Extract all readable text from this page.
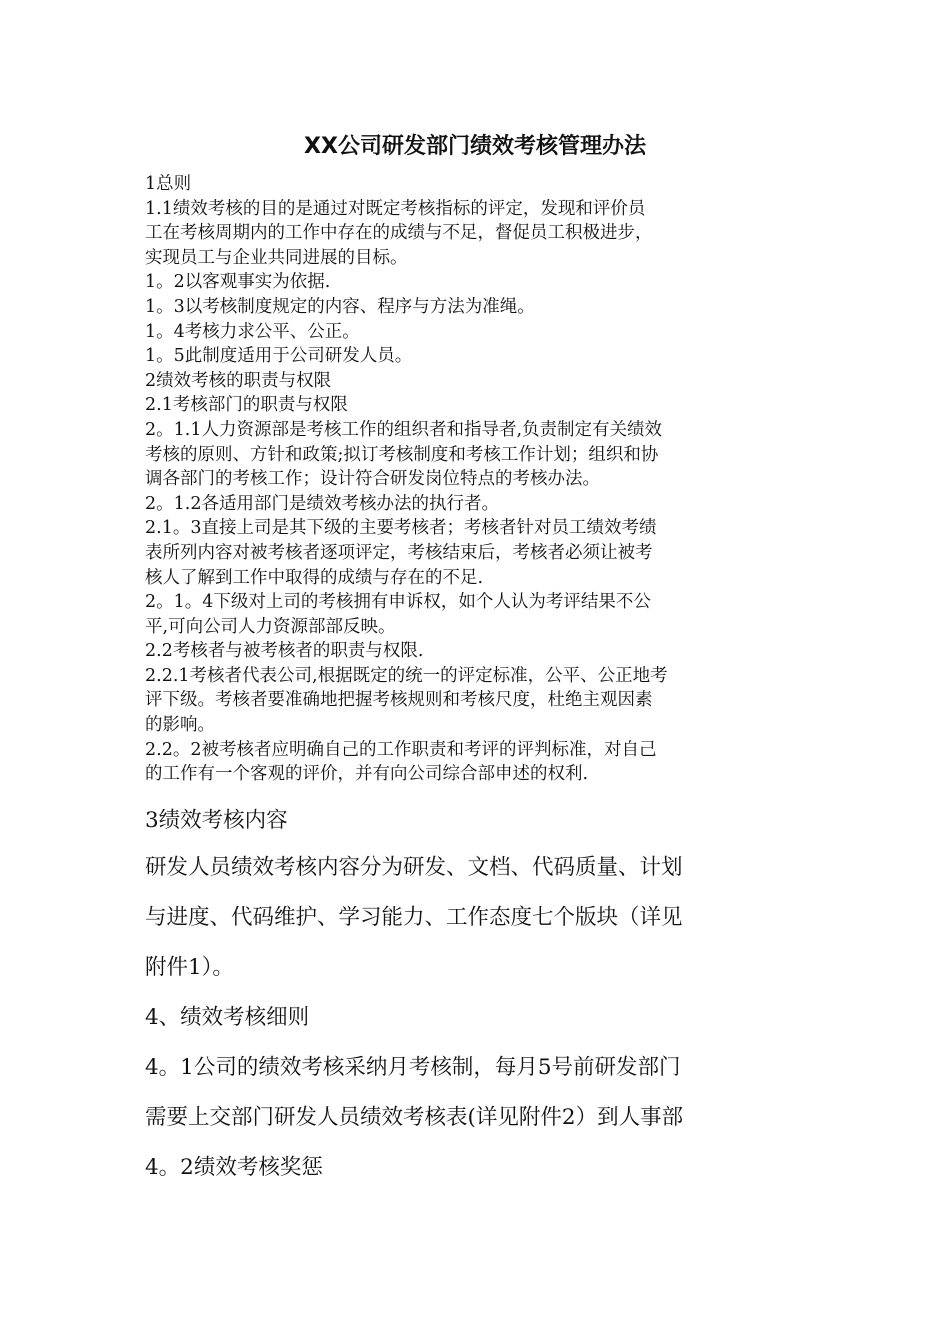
XX公司研发部门绩效考核管理办法

1总则

1.1绩效考核的目的是通过对既定考核指标的评定，发现和评价员

工在考核周期内的工作中存在的成绩与不足，督促员工积极进步，

实现员工与企业共同进展的目标。

1。2以客观事实为依据.

1。3以考核制度规定的内容、程序与方法为准绳。

1。4考核力求公平、公正。

1。5此制度适用于公司研发人员。

2绩效考核的职责与权限

2.1考核部门的职责与权限

2。1.1人力资源部是考核工作的组织者和指导者,负责制定有关绩效

考核的原则、方针和政策;拟订考核制度和考核工作计划；组织和协

调各部门的考核工作；设计符合研发岗位特点的考核办法。

2。1.2各适用部门是绩效考核办法的执行者。

2.1。3直接上司是其下级的主要考核者；考核者针对员工绩效考绩

表所列内容对被考核者逐项评定，考核结束后，考核者必须让被考

核人了解到工作中取得的成绩与存在的不足.

2。1。4下级对上司的考核拥有申诉权，如个人认为考评结果不公

平,可向公司人力资源部部反映。

2.2考核者与被考核者的职责与权限.

2.2.1考核者代表公司,根据既定的统一的评定标准，公平、公正地考

评下级。考核者要准确地把握考核规则和考核尺度，杜绝主观因素

的影响。

2.2。2被考核者应明确自己的工作职责和考评的评判标准，对自己

的工作有一个客观的评价，并有向公司综合部申述的权利.

3绩效考核内容

研发人员绩效考核内容分为研发、文档、代码质量、计划

与进度、代码维护、学习能力、工作态度七个版块（详见

附件1）。

4、绩效考核细则

4。1公司的绩效考核采纳月考核制，每月5号前研发部门

需要上交部门研发人员绩效考核表(详见附件2）到人事部

4。2绩效考核奖惩
